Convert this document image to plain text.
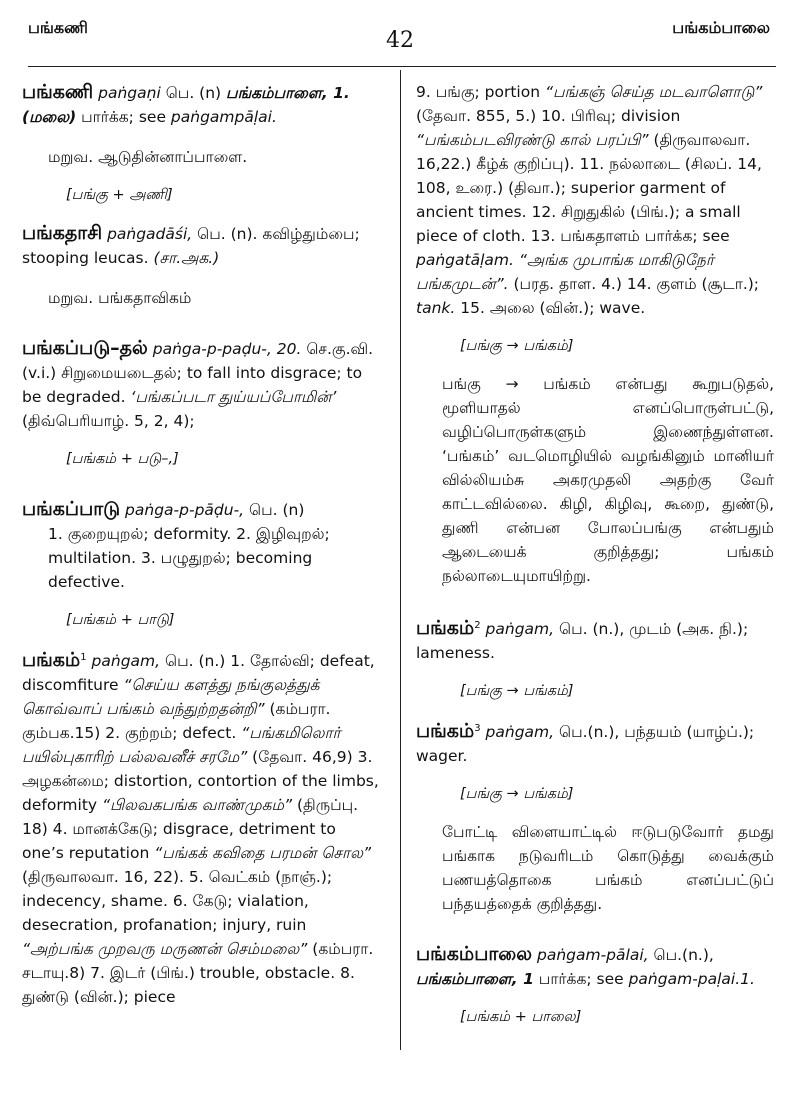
பங்கணி
42
பங்கம்பாலை
பங்கணி paṅgaṇi பெ. (n) பங்கம்பாளை, 1. (மலை) பார்க்க; see paṅgampāḷai.
மறுவ. ஆடுதின்னாப்பாளை.
[பங்கு + அணி]
பங்கதாசி paṅgadāśi, பெ. (n). கவிழ்தும்பை; stooping leucas. (சா.அக.)
மறுவ. பங்கதாவிகம்
பங்கப்படு–தல் paṅga-p-paḍu-, 20. செ.கு.வி. (v.i.) சிறுமையடைதல்; to fall into disgrace; to be degraded. ‘பங்கப்படா துய்யப்போமின்’ (திவ்பெரியாழ். 5, 2, 4);
[பங்கம் + படு–,]
பங்கப்பாடு paṅga-p-pāḍu-, பெ. (n)
1. குறையுறல்; deformity. 2. இழிவுறல்; multilation. 3. பழுதுறல்; becoming defective.
[பங்கம் + பாடு]
பங்கம்$^1$ paṅgam, பெ. (n.) 1. தோல்வி; defeat, discomfiture “செய்ய களத்து நங்குலத்துக் கொவ்வாப் பங்கம் வந்துற்றதன்றி” (கம்பரா. கும்பக.15) 2. குற்றம்; defect. “பங்கமிலொர் பயில்புகாரிற் பல்லவனீச் சரமே” (தேவா. 46,9) 3. அழகன்மை; distortion, contortion of the limbs, deformity “பிலவகபங்க வாண்முகம்” (திருப்பு. 18) 4. மானக்கேடு; disgrace, detriment to one’s reputation “பங்கக் கவிதை பரமன் சொல” (திருவாலவா. 16, 22). 5. வெட்கம் (நாஞ்.); indecency, shame. 6. கேடு; vialation, desecration, profanation; injury, ruin “அற்பங்க முறவரு மருணன் செம்மலை” (கம்பரா. சடாயு.8) 7. இடர் (பிங்.) trouble, obstacle. 8. துண்டு (வின்.); piece
9. பங்கு; portion “பங்கஞ் செய்த மடவாளொடு” (தேவா. 855, 5.) 10. பிரிவு; division “பங்கம்படவிரண்டு கால் பரப்பி” (திருவாலவா. 16,22.) கீழ்க் குறிப்பு). 11. நல்லாடை (சிலப். 14, 108, உரை.) (திவா.); superior garment of ancient times. 12. சிறுதுகில் (பிங்.); a small piece of cloth. 13. பங்கதாளம் பார்க்க; see paṅgatāḷam. “அங்க முபாங்க மாகிடுநேர் பங்கமுடன்”. (பரத. தாள. 4.) 14. குளம் (சூடா.); tank. 15. அலை (வின்.); wave.
[பங்கு → பங்கம்]
பங்கு → பங்கம் என்பது கூறுபடுதல், மூளியாதல் எனப்பொருள்பட்டு, வழிப்பொருள்களும் இணைந்துள்ளன. ‘பங்கம்’ வடமொழியில் வழங்கினும் மானியர் வில்லியம்சு அகரமுதலி அதற்கு வேர் காட்டவில்லை. கிழி, கிழிவு, கூறை, துண்டு, துணி என்பன போலப்பங்கு என்பதும் ஆடையைக் குறித்தது; பங்கம் நல்லாடையுமாயிற்று.
பங்கம்$^2$ paṅgam, பெ. (n.), முடம் (அக. நி.); lameness.
[பங்கு → பங்கம்]
பங்கம்$^3$ paṅgam, பெ.(n.), பந்தயம் (யாழ்ப்.); wager.
[பங்கு → பங்கம்]
போட்டி விளையாட்டில் ஈடுபடுவோர் தமது பங்காக நடுவரிடம் கொடுத்து வைக்கும் பணயத்தொகை பங்கம் எனப்பட்டுப் பந்தயத்தைக் குறித்தது.
பங்கம்பாலை paṅgam-pālai, பெ.(n.), பங்கம்பாளை, 1 பார்க்க; see paṅgam-paḷai.1.
[பங்கம் + பாலை]
